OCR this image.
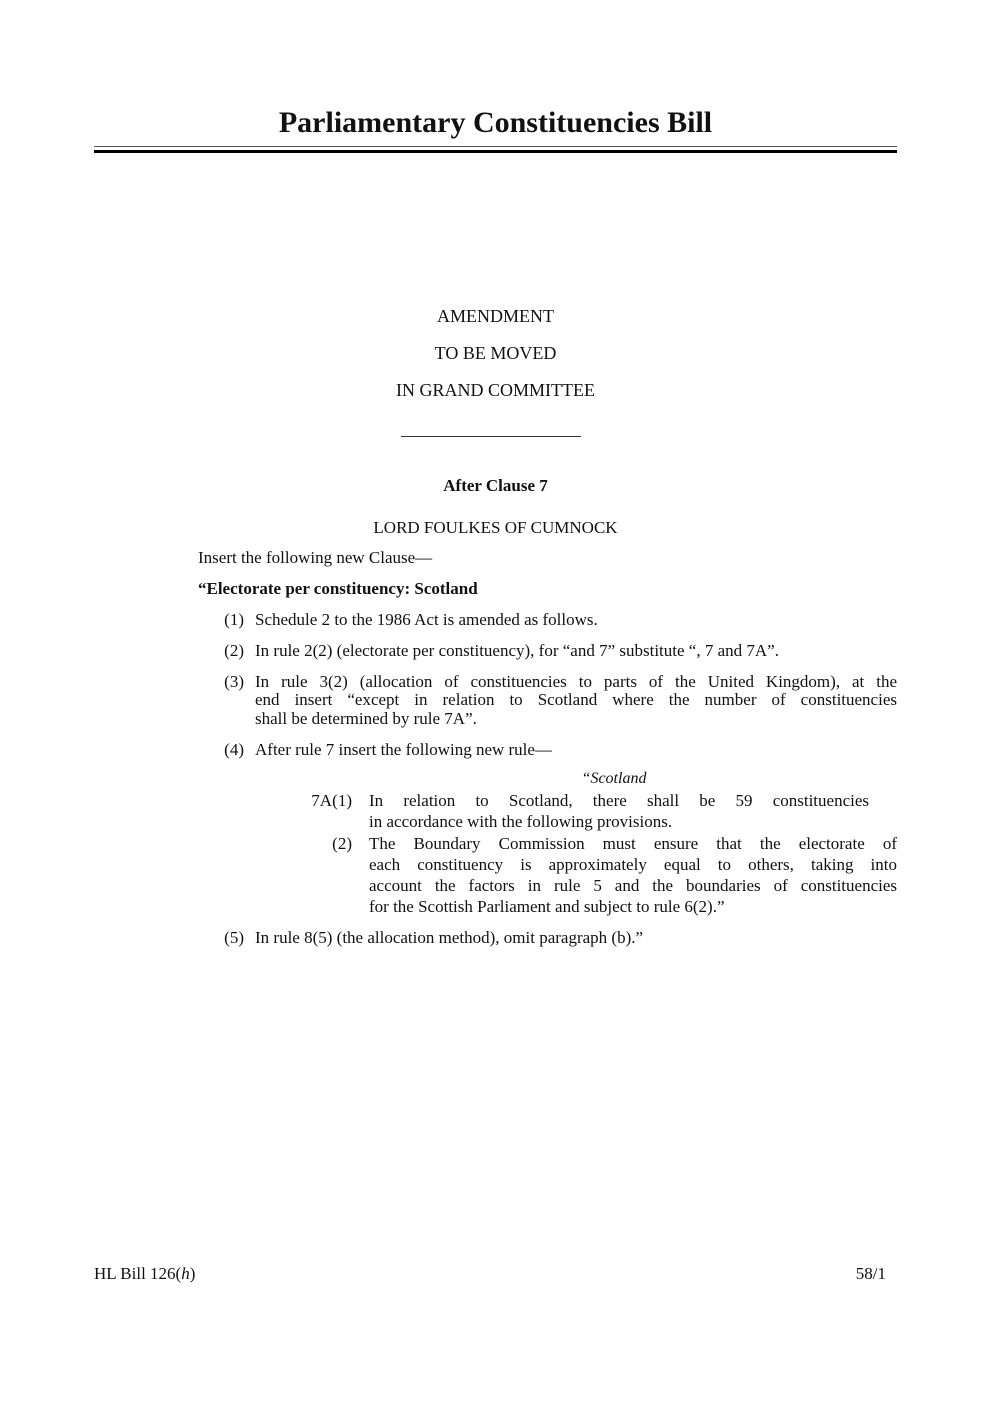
Parliamentary Constituencies Bill
AMENDMENT
TO BE MOVED
IN GRAND COMMITTEE
After Clause 7
LORD FOULKES OF CUMNOCK
Insert the following new Clause—
“Electorate per constituency: Scotland
(1) Schedule 2 to the 1986 Act is amended as follows.
(2) In rule 2(2) (electorate per constituency), for “and 7” substitute “, 7 and 7A”.
(3) In rule 3(2) (allocation of constituencies to parts of the United Kingdom), at the
end insert “except in relation to Scotland where the number of constituencies
shall be determined by rule 7A”.
(4) After rule 7 insert the following new rule—
“Scotland
7A (1) In relation to Scotland, there shall be 59 constituencies
in accordance with the following provisions.
(2) The Boundary Commission must ensure that the electorate of
each constituency is approximately equal to others, taking into
account the factors in rule 5 and the boundaries of constituencies
for the Scottish Parliament and subject to rule 6(2).”
(5) In rule 8(5) (the allocation method), omit paragraph (b).”
HL Bill 126(h)	58/1
